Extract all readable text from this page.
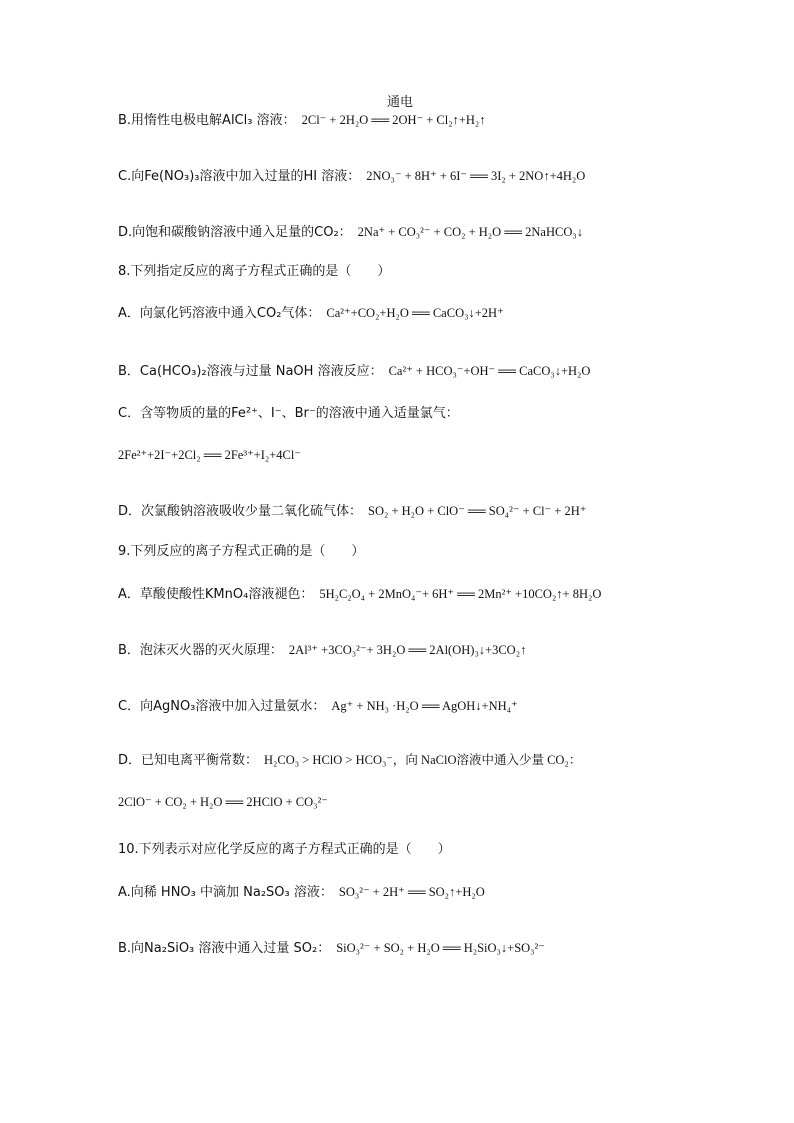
B.用惰性电极电解AlCl₃ 溶液： 2Cl⁻ + 2H₂O ══ 2OH⁻ + Cl₂↑+H₂↑
通电
C.向Fe(NO₃)₃溶液中加入过量的HI 溶液： 2NO₃⁻ + 8H⁺ + 6I⁻ ══ 3I₂ + 2NO↑+4H₂O
D.向饱和碳酸钠溶液中通入足量的CO₂： 2Na⁺ + CO₃²⁻ + CO₂ + H₂O ══ 2NaHCO₃↓
8.下列指定反应的离子方程式正确的是（　　）
A．向氯化钙溶液中通入CO₂气体： Ca²⁺+CO₂+H₂O ══ CaCO₃↓+2H⁺
B．Ca(HCO₃)₂溶液与过量 NaOH 溶液反应： Ca²⁺ + HCO₃⁻+OH⁻ ══ CaCO₃↓+H₂O
C．含等物质的量的Fe²⁺、I⁻、Br⁻的溶液中通入适量氯气：
2Fe²⁺+2I⁻+2Cl₂ ══ 2Fe³⁺+I₂+4Cl⁻
D．次氯酸钠溶液吸收少量二氧化硫气体： SO₂ + H₂O + ClO⁻ ══ SO₄²⁻ + Cl⁻ + 2H⁺
9.下列反应的离子方程式正确的是（　　）
A．草酸使酸性KMnO₄溶液褪色： 5H₂C₂O₄ + 2MnO₄⁻+ 6H⁺ ══ 2Mn²⁺ +10CO₂↑+ 8H₂O
B．泡沫灭火器的灭火原理： 2Al³⁺ +3CO₃²⁻+ 3H₂O ══ 2Al(OH)₃↓+3CO₂↑
C．向AgNO₃溶液中加入过量氨水： Ag⁺ + NH₃ ·H₂O ══ AgOH↓+NH₄⁺
D．已知电离平衡常数： H₂CO₃ > HClO > HCO₃⁻，向 NaClO溶液中通入少量 CO₂：
2ClO⁻ + CO₂ + H₂O ══ 2HClO + CO₃²⁻
10.下列表示对应化学反应的离子方程式正确的是（　　）
A.向稀 HNO₃ 中滴加 Na₂SO₃ 溶液： SO₃²⁻ + 2H⁺ ══ SO₂↑+H₂O
B.向Na₂SiO₃ 溶液中通入过量 SO₂： SiO₃²⁻ + SO₂ + H₂O ══ H₂SiO₃↓+SO₃²⁻
